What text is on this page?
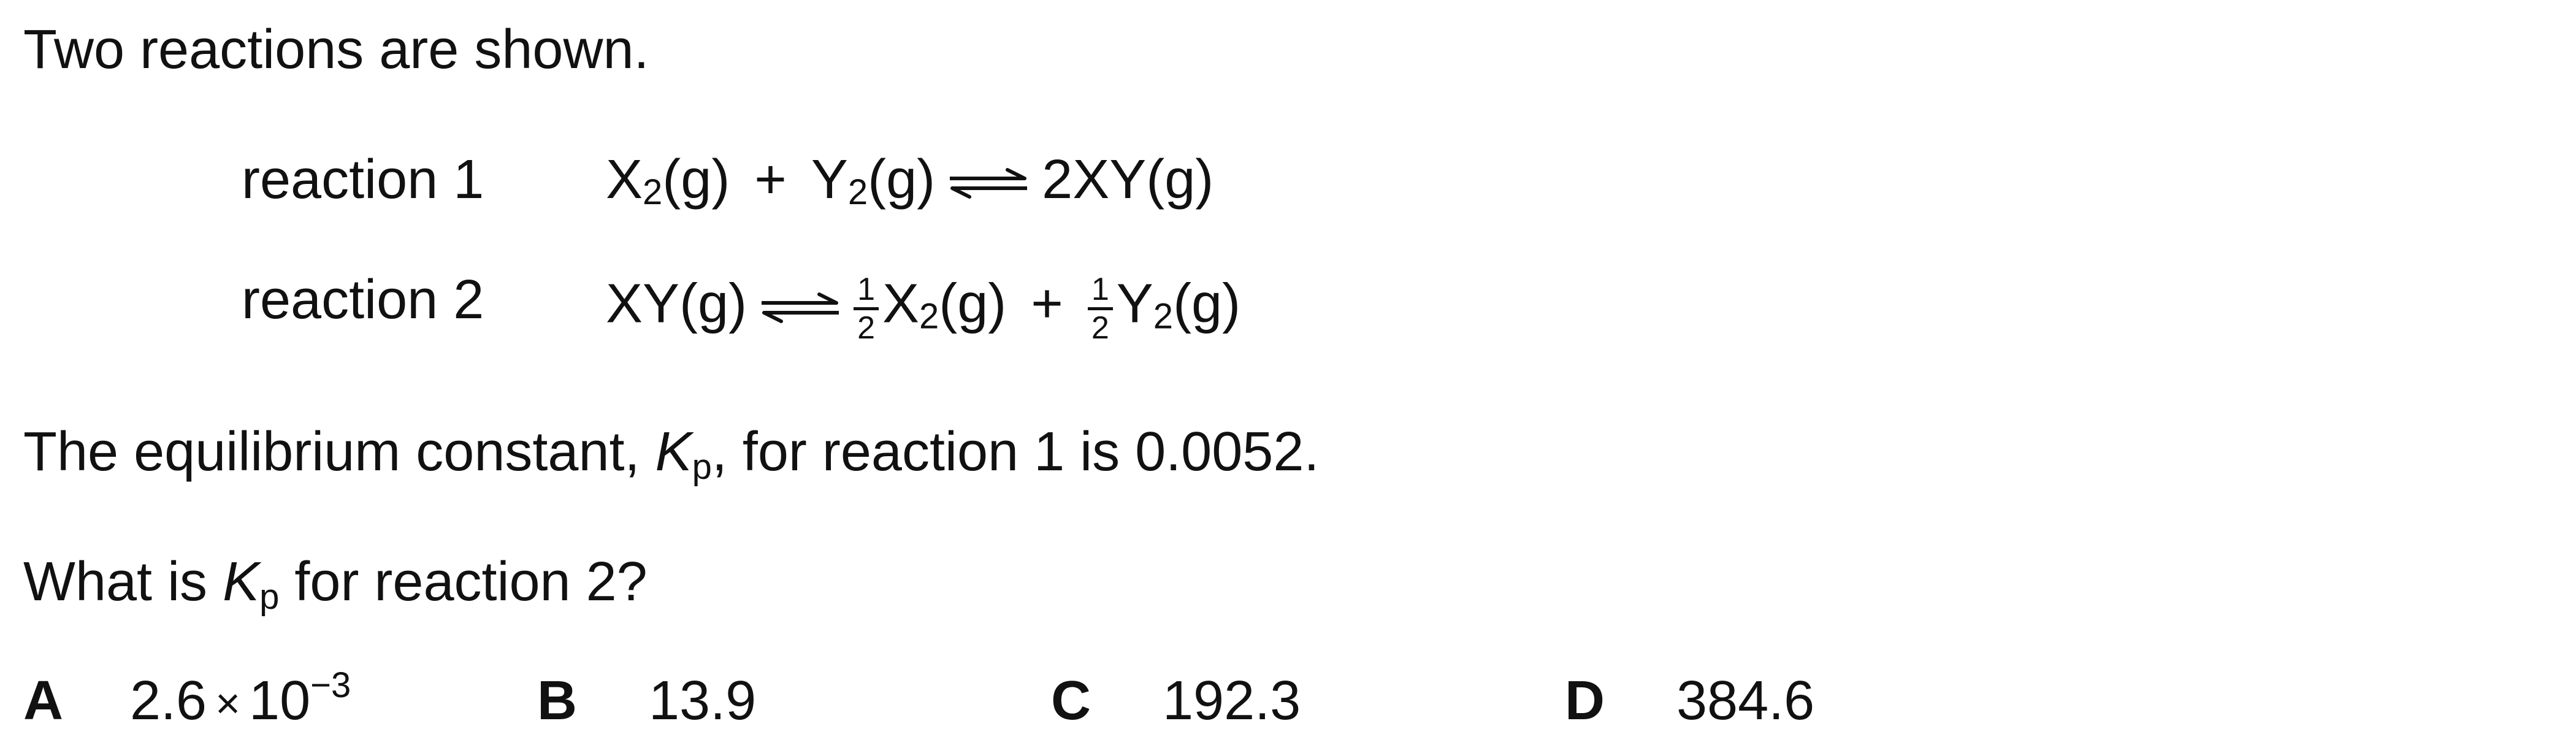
Two reactions are shown.
reaction 1 $X_2(g) + Y_2(g)$ ⇌ 2XY(g)
reaction 2 XY(g) ⇌ $\frac{1}{2} X_2(g) + \frac{1}{2} Y_2(g)$
The equilibrium constant, $K_p$, for reaction 1 is 0.0052.
What is $K_p$ for reaction 2?
A $2.6 \times 10^{-3}$	B 13.9	C 192.3	D 384.6
